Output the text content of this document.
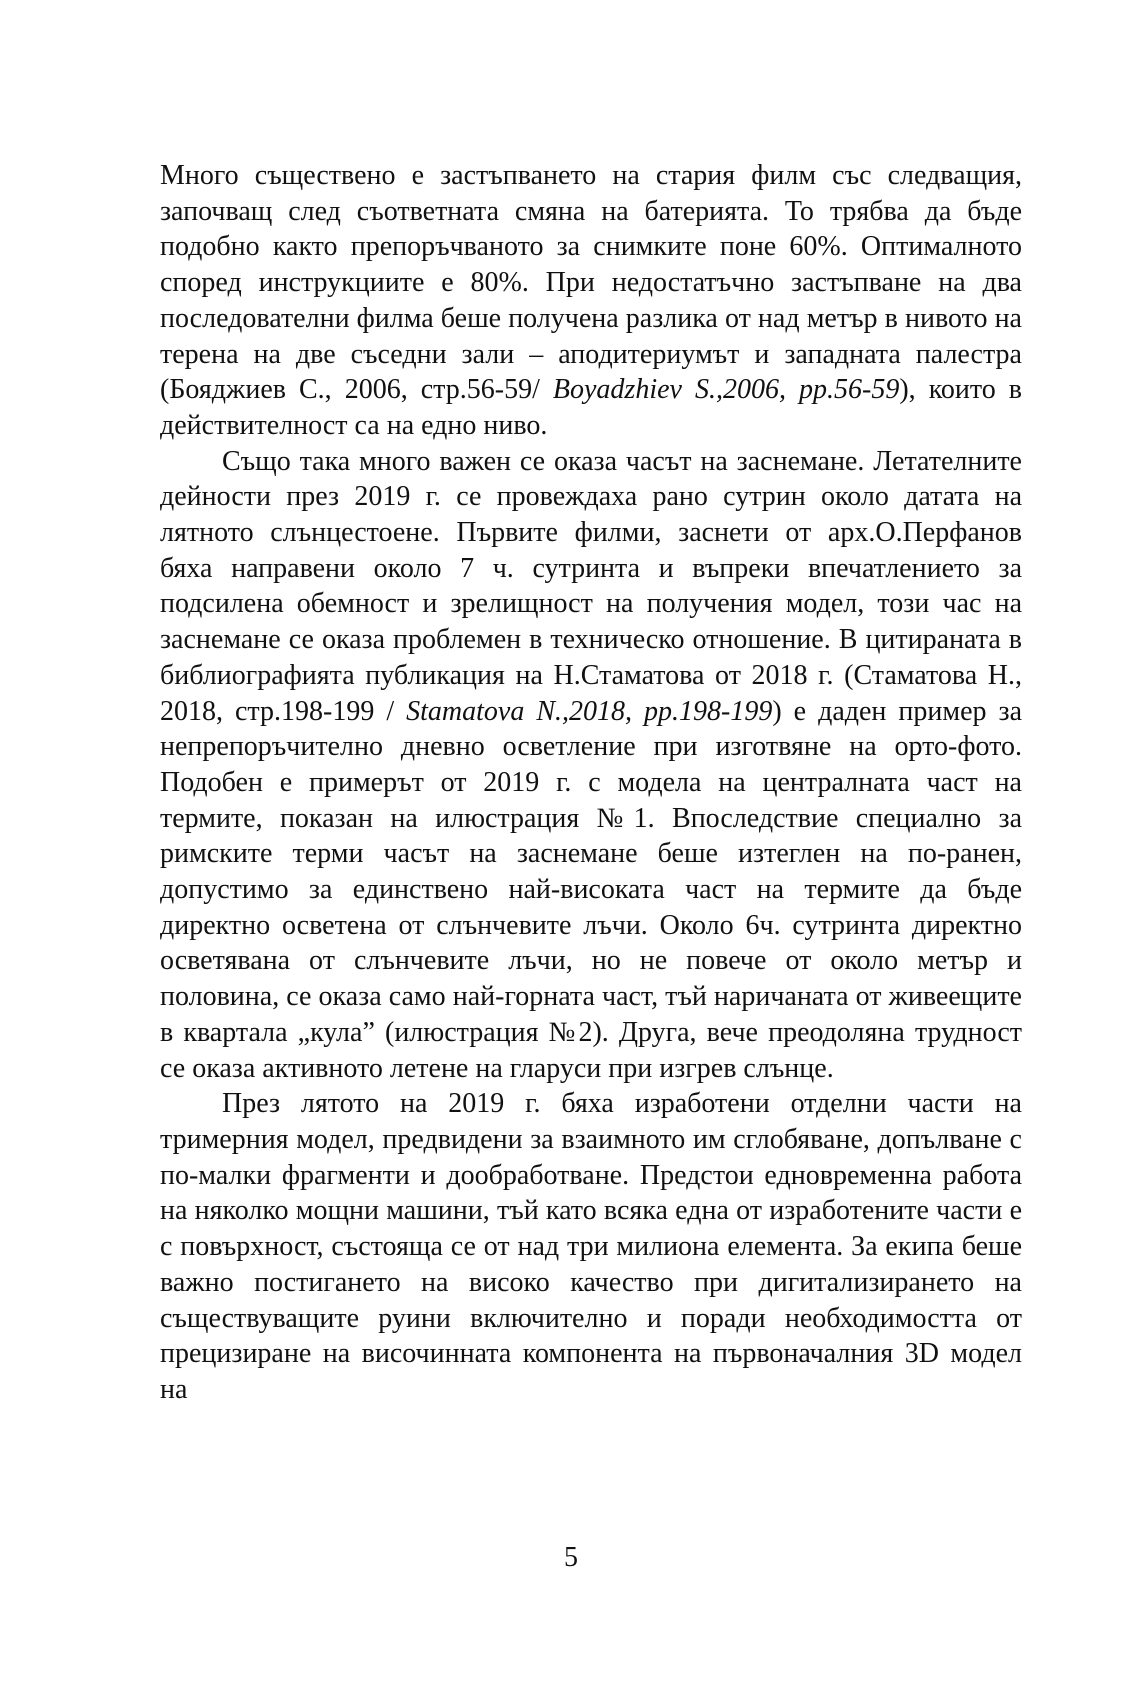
Много съществено е застъпването на стария филм със следващия, започващ след съответната смяна на батерията. То трябва да бъде подобно както препоръчваното за снимките поне 60%. Оптималното според инструкциите е 80%. При недостатъчно застъпване на два последователни филма беше получена разлика от над метър в нивото на терена на две съседни зали – аподитериумът и западната палестра (Бояджиев С., 2006, стр.56-59/ Boyadzhiev S.,2006, pp.56-59), които в действителност са на едно ниво.

Също така много важен се оказа часът на заснемане. Летателните дейности през 2019 г. се провеждаха рано сутрин около датата на лятното слънцестоене. Първите филми, заснети от арх.О.Перфанов бяха направени около 7 ч. сутринта и въпреки впечатлението за подсилена обемност и зрелищност на получения модел, този час на заснемане се оказа проблемен в техническо отношение. В цитираната в библиографията публикация на Н.Стаматова от 2018 г. (Стаматова Н., 2018, стр.198-199 / Stamatova N.,2018, pp.198-199) е даден пример за непрепоръчително дневно осветление при изготвяне на орто-фото. Подобен е примерът от 2019 г. с модела на централната част на термите, показан на илюстрация №1. Впоследствие специално за римските терми часът на заснемане беше изтеглен на по-ранен, допустимо за единствено най-високата част на термите да бъде директно осветена от слънчевите лъчи. Около 6ч. сутринта директно осветявана от слънчевите лъчи, но не повече от около метър и половина, се оказа само най-горната част, тъй наричаната от живеещите в квартала „кула” (илюстрация №2). Друга, вече преодоляна трудност се оказа активното летене на гларуси при изгрев слънце.

През лятото на 2019 г. бяха изработени отделни части на тримерния модел, предвидени за взаимното им сглобяване, допълване с по-малки фрагменти и дообработване. Предстои едновременна работа на няколко мощни машини, тъй като всяка една от изработените части е с повърхност, състояща се от над три милиона елемента. За екипа беше важно постигането на високо качество при дигитализирането на съществуващите руини включително и поради необходимостта от прецизиране на височинната компонента на първоначалния 3D модел на

5
